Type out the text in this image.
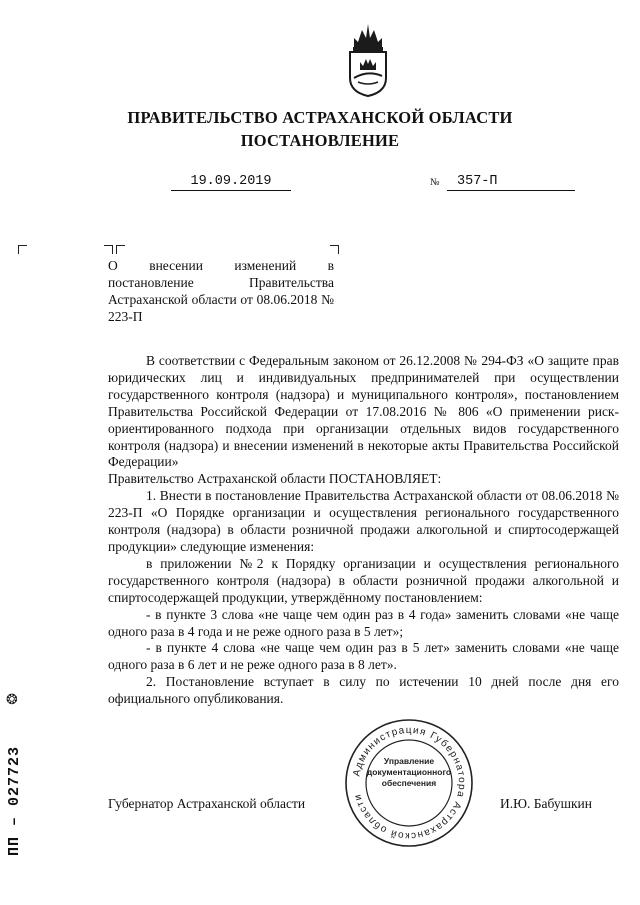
ПРАВИТЕЛЬСТВО АСТРАХАНСКОЙ ОБЛАСТИ
ПОСТАНОВЛЕНИЕ
19.09.2019	№	357-П
О внесении изменений в постановление Правительства Астраханской области от 08.06.2018 № 223-П

В соответствии с Федеральным законом от 26.12.2008 № 294-ФЗ «О защите прав юридических лиц и индивидуальных предпринимателей при осуществлении государственного контроля (надзора) и муниципального контроля», постановлением Правительства Российской Федерации от 17.08.2016 № 806 «О применении риск-ориентированного подхода при организации отдельных видов государственного контроля (надзора) и внесении изменений в некоторые акты Правительства Российской Федерации»

Правительство Астраханской области ПОСТАНОВЛЯЕТ:

1. Внести в постановление Правительства Астраханской области от 08.06.2018 № 223-П «О Порядке организации и осуществления регионального государственного контроля (надзора) в области розничной продажи алкогольной и спиртосодержащей продукции» следующие изменения:

в приложении №2 к Порядку организации и осуществления регионального государственного контроля (надзора) в области розничной продажи алкогольной и спиртосодержащей продукции, утверждённому постановлением:

- в пункте 3 слова «не чаще чем один раз в 4 года» заменить словами «не чаще одного раза в 4 года и не реже одного раза в 5 лет»;

- в пункте 4 слова «не чаще чем один раз в 5 лет» заменить словами «не чаще одного раза в 6 лет и не реже одного раза в 8 лет».

2. Постановление вступает в силу по истечении 10 дней после дня его официального опубликования.

Администрация Губернатора Астраханской области
Управление документационного обеспечения
Губернатор Астраханской области	И.Ю. Бабушкин
❂
ПП – 027723
